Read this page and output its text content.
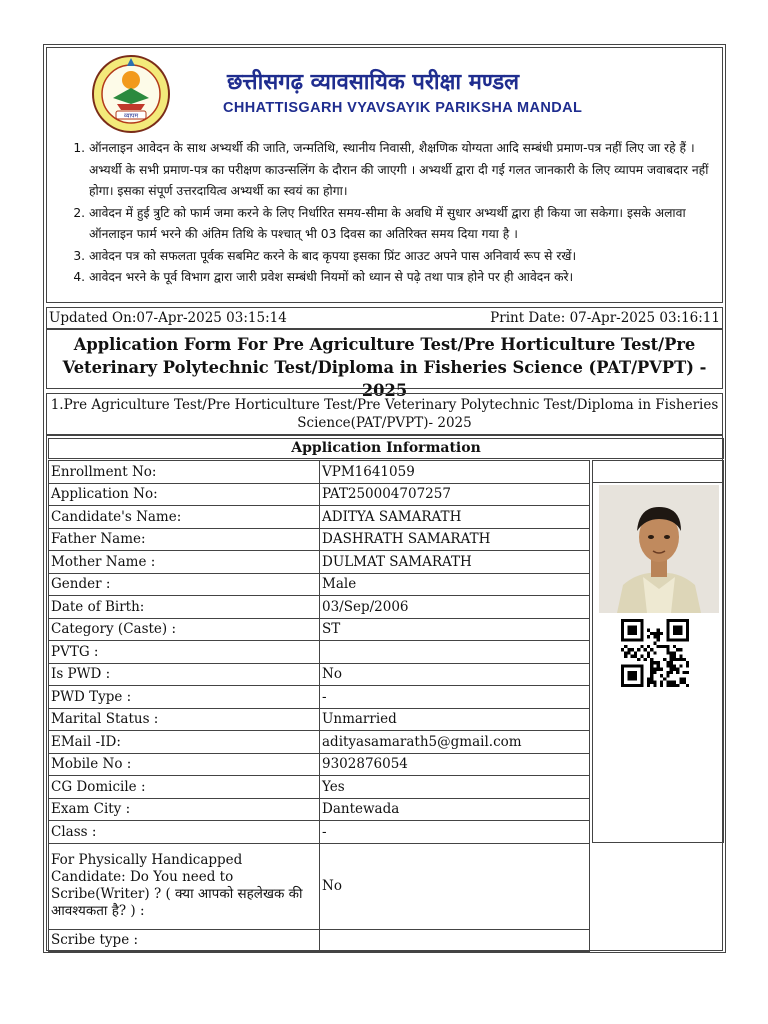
व्यापम
छत्तीसगढ़ व्यावसायिक परीक्षा मण्डल
CHHATTISGARH VYAVSAYIK PARIKSHA MANDAL
1. ऑनलाइन आवेदन के साथ अभ्यर्थी की जाति, जन्मतिथि, स्थानीय निवासी, शैक्षणिक योग्यता आदि सम्बंधी प्रमाण-पत्र नहीं लिए जा रहे हैं । अभ्यर्थी के सभी प्रमाण-पत्र का परीक्षण काउन्सलिंग के दौरान की जाएगी । अभ्यर्थी द्वारा दी गई गलत जानकारी के लिए व्यापम जवाबदार नहीं होगा। इसका संपूर्ण उत्तरदायित्व अभ्यर्थी का स्वयं का होगा।
2. आवेदन में हुई त्रुटि को फार्म जमा करने के लिए निर्धारित समय-सीमा के अवधि में सुधार अभ्यर्थी द्वारा ही किया जा सकेगा। इसके अलावा ऑनलाइन फार्म भरने की अंतिम तिथि के पश्चात् भी 03 दिवस का अतिरिक्त समय दिया गया है ।
3. आवेदन पत्र को सफलता पूर्वक सबमिट करने के बाद कृपया इसका प्रिंट आउट अपने पास अनिवार्य रूप से रखें।
4. आवेदन भरने के पूर्व विभाग द्वारा जारी प्रवेश सम्बंधी नियमों को ध्यान से पढ़े तथा पात्र होने पर ही आवेदन करे।
Updated On:07-Apr-2025 03:15:14	Print Date: 07-Apr-2025 03:16:11
Application Form For Pre Agriculture Test/Pre Horticulture Test/Pre Veterinary Polytechnic Test/Diploma in Fisheries Science (PAT/PVPT) - 2025
1.Pre Agriculture Test/Pre Horticulture Test/Pre Veterinary Polytechnic Test/Diploma in Fisheries Science(PAT/PVPT)- 2025
Application Information
Enrollment No:	VPM1641059
Application No:	PAT250004707257
Candidate's Name:	ADITYA SAMARATH
Father Name:	DASHRATH SAMARATH
Mother Name :	DULMAT SAMARATH
Gender :	Male
Date of Birth:	03/Sep/2006
Category (Caste) :	ST
PVTG :	
Is PWD :	No
PWD Type :	-
Marital Status :	Unmarried
EMail -ID:	adityasamarath5@gmail.com
Mobile No :	9302876054
CG Domicile :	Yes
Exam City :	Dantewada
Class :	-
For Physically Handicapped Candidate: Do You need to Scribe(Writer) ? ( क्या आपको सहलेखक की आवश्यकता है? ) :	No
Scribe type :	
